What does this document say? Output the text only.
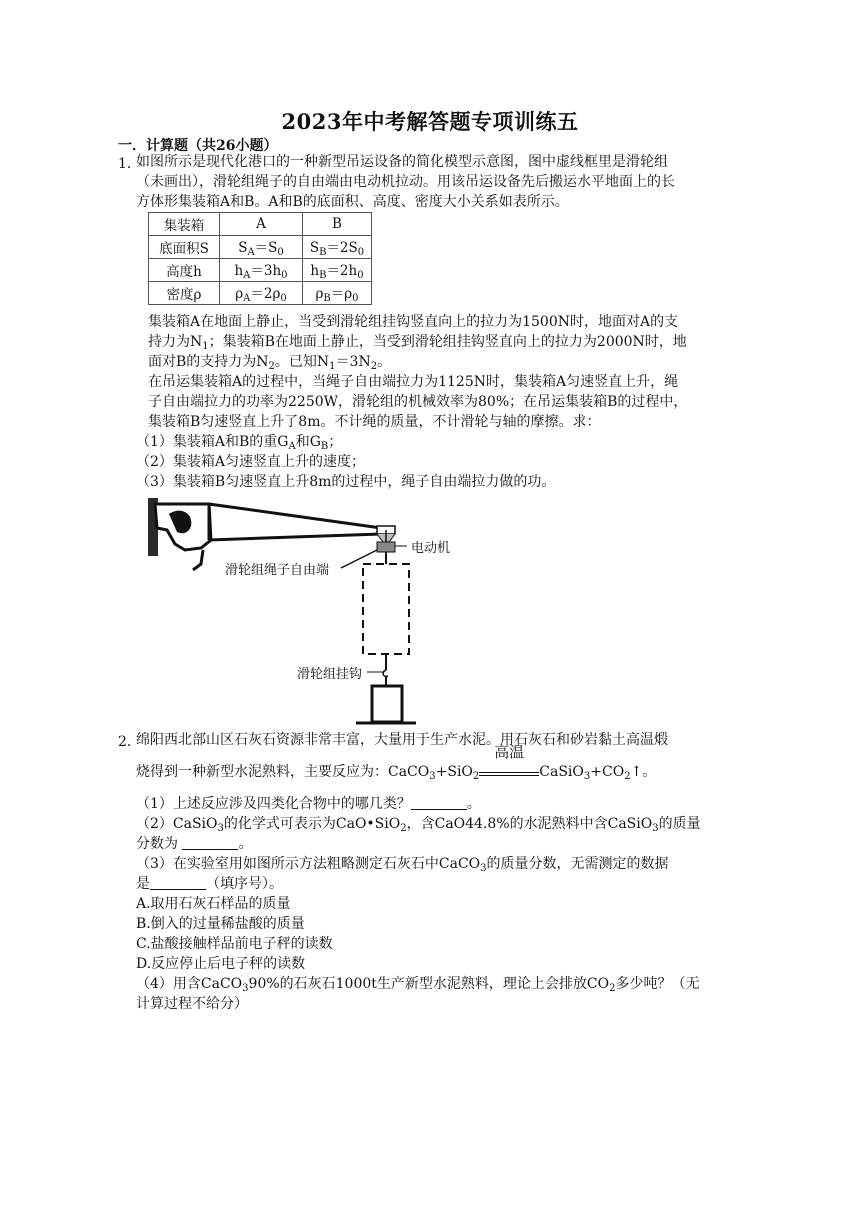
2023年中考解答题专项训练五
一．计算题（共26小题）
1．
如图所示是现代化港口的一种新型吊运设备的简化模型示意图，图中虚线框里是滑轮组
（未画出），滑轮组绳子的自由端由电动机拉动。用该吊运设备先后搬运水平地面上的长
方体形集装箱A和B。A和B的底面积、高度、密度大小关系如表所示。
集装箱	A	B
底面积S	$S_A=S_0$	$S_B=2S_0$
高度h	$h_A=3h_0$	$h_B=2h_0$
密度ρ	$\rho_A=2\rho_0$	$\rho_B=\rho_0$
集装箱A在地面上静止，当受到滑轮组挂钩竖直向上的拉力为1500N时，地面对A的支
持力为$N_1$；集装箱B在地面上静止，当受到滑轮组挂钩竖直向上的拉力为2000N时，地
面对B的支持力为$N_2$。已知$N_1=3N_2$。
在吊运集装箱A的过程中，当绳子自由端拉力为1125N时，集装箱A匀速竖直上升，绳
子自由端拉力的功率为2250W，滑轮组的机械效率为80%；在吊运集装箱B的过程中，
集装箱B匀速竖直上升了8m。不计绳的质量，不计滑轮与轴的摩擦。求：
（1）集装箱A和B的重$G_A$和$G_B$；
（2）集装箱A匀速竖直上升的速度；
（3）集装箱B匀速竖直上升8m的过程中，绳子自由端拉力做的功。
电动机
滑轮组绳子自由端
滑轮组挂钩
2．
绵阳西北部山区石灰石资源非常丰富，大量用于生产水泥。用石灰石和砂岩黏土高温煅
烧得到一种新型水泥熟料，主要反应为：CaCO$_3$+SiO$_2$
高温
$CaSiO_3+CO_2↑$。
（1）上述反应涉及四类化合物中的哪几类？	。
（2）CaSiO$_3$的化学式可表示为CaO•SiO$_2$，含CaO44.8%的水泥熟料中含CaSiO$_3$的质量
分数为	。
（3）在实验室用如图所示方法粗略测定石灰石中CaCO$_3$的质量分数，无需测定的数据
是	（填序号）。
A.取用石灰石样品的质量
B.倒入的过量稀盐酸的质量
C.盐酸接触样品前电子秤的读数
D.反应停止后电子秤的读数
（4）用含CaCO$_3$90%的石灰石1000t生产新型水泥熟料，理论上会排放$CO_2$多少吨？（无
计算过程不给分）
